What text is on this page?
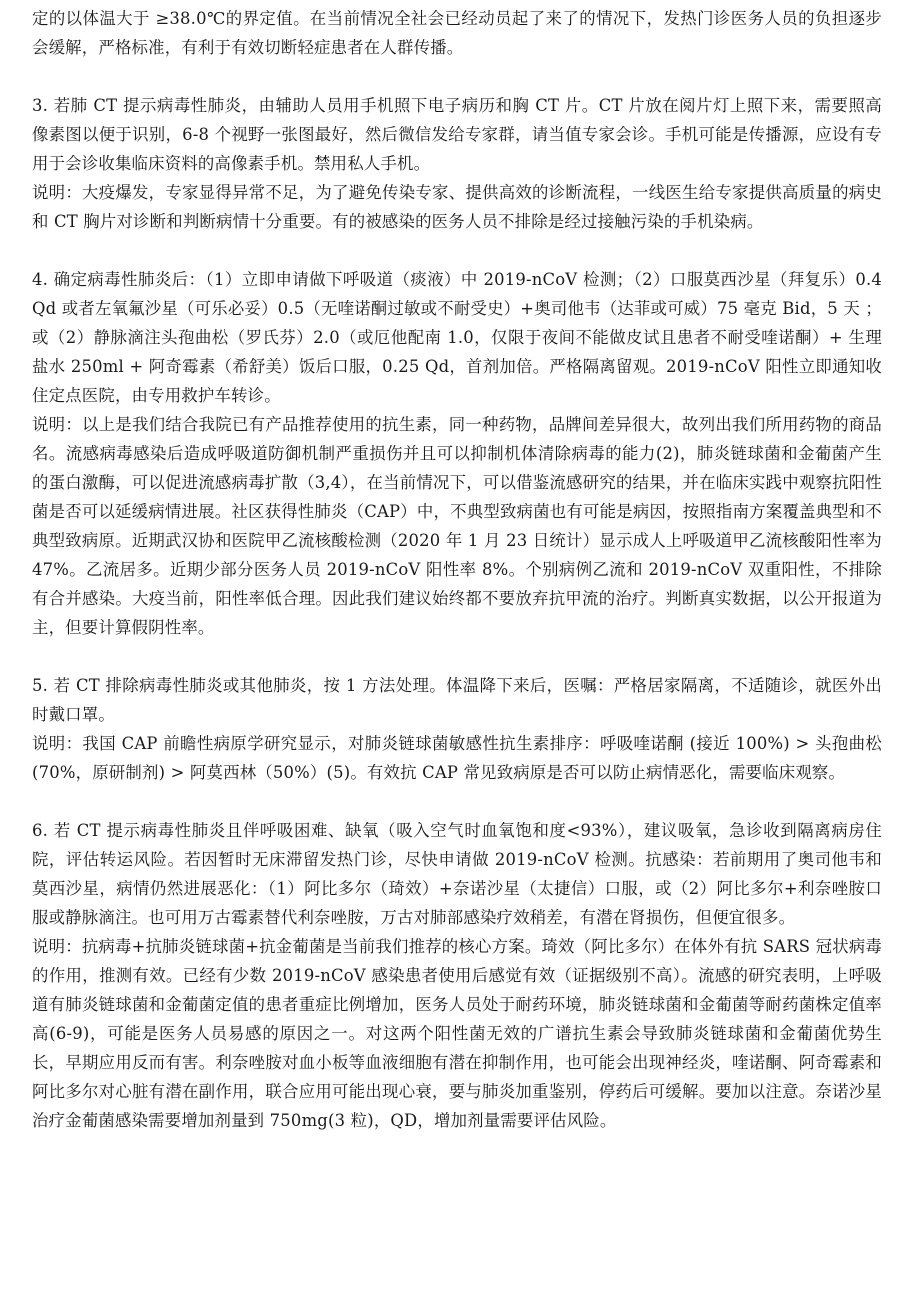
定的以体温大于 ≥38.0℃的界定值。在当前情况全社会已经动员起了来了的情况下，发热门诊医务人员的负担逐步会缓解，严格标准，有利于有效切断轻症患者在人群传播。

3. 若肺 CT 提示病毒性肺炎，由辅助人员用手机照下电子病历和胸 CT 片。CT 片放在阅片灯上照下来，需要照高像素图以便于识别，6-8 个视野一张图最好，然后微信发给专家群，请当值专家会诊。手机可能是传播源，应设有专用于会诊收集临床资料的高像素手机。禁用私人手机。

说明：大疫爆发，专家显得异常不足，为了避免传染专家、提供高效的诊断流程，一线医生给专家提供高质量的病史和 CT 胸片对诊断和判断病情十分重要。有的被感染的医务人员不排除是经过接触污染的手机染病。

4. 确定病毒性肺炎后：（1）立即申请做下呼吸道（痰液）中 2019-nCoV 检测；（2）口服莫西沙星（拜复乐）0.4 Qd 或者左氧氟沙星（可乐必妥）0.5（无喹诺酮过敏或不耐受史）+奥司他韦（达菲或可威）75 毫克 Bid，5 天 ；或（2）静脉滴注头孢曲松（罗氏芬）2.0（或厄他配南 1.0，仅限于夜间不能做皮试且患者不耐受喹诺酮）+ 生理盐水 250ml + 阿奇霉素（希舒美）饭后口服，0.25 Qd，首剂加倍。严格隔离留观。2019-nCoV 阳性立即通知收住定点医院，由专用救护车转诊。

说明：以上是我们结合我院已有产品推荐使用的抗生素，同一种药物，品牌间差异很大，故列出我们所用药物的商品名。流感病毒感染后造成呼吸道防御机制严重损伤并且可以抑制机体清除病毒的能力(2)，肺炎链球菌和金葡菌产生的蛋白激酶，可以促进流感病毒扩散（3,4），在当前情况下，可以借鉴流感研究的结果，并在临床实践中观察抗阳性菌是否可以延缓病情进展。社区获得性肺炎（CAP）中，不典型致病菌也有可能是病因，按照指南方案覆盖典型和不典型致病原。近期武汉协和医院甲乙流核酸检测（2020 年 1 月 23 日统计）显示成人上呼吸道甲乙流核酸阳性率为 47%。乙流居多。近期少部分医务人员 2019-nCoV 阳性率 8%。个别病例乙流和 2019-nCoV 双重阳性，不排除有合并感染。大疫当前，阳性率低合理。因此我们建议始终都不要放弃抗甲流的治疗。判断真实数据，以公开报道为主，但要计算假阴性率。

5. 若 CT 排除病毒性肺炎或其他肺炎，按 1 方法处理。体温降下来后，医嘱：严格居家隔离，不适随诊，就医外出时戴口罩。

说明：我国 CAP 前瞻性病原学研究显示，对肺炎链球菌敏感性抗生素排序：呼吸喹诺酮 (接近 100%) > 头孢曲松 (70%，原研制剂) > 阿莫西林（50%）(5)。有效抗 CAP 常见致病原是否可以防止病情恶化，需要临床观察。

6. 若 CT 提示病毒性肺炎且伴呼吸困难、缺氧（吸入空气时血氧饱和度<93%），建议吸氧，急诊收到隔离病房住院，评估转运风险。若因暂时无床滞留发热门诊，尽快申请做 2019-nCoV 检测。抗感染：若前期用了奥司他韦和莫西沙星，病情仍然进展恶化：（1）阿比多尔（琦效）+奈诺沙星（太捷信）口服，或（2）阿比多尔+利奈唑胺口服或静脉滴注。也可用万古霉素替代利奈唑胺，万古对肺部感染疗效稍差，有潜在肾损伤，但便宜很多。

说明：抗病毒+抗肺炎链球菌+抗金葡菌是当前我们推荐的核心方案。琦效（阿比多尔）在体外有抗 SARS 冠状病毒的作用，推测有效。已经有少数 2019-nCoV 感染患者使用后感觉有效（证据级别不高）。流感的研究表明，上呼吸道有肺炎链球菌和金葡菌定值的患者重症比例增加，医务人员处于耐药环境，肺炎链球菌和金葡菌等耐药菌株定值率高(6-9)，可能是医务人员易感的原因之一。对这两个阳性菌无效的广谱抗生素会导致肺炎链球菌和金葡菌优势生长，早期应用反而有害。利奈唑胺对血小板等血液细胞有潜在抑制作用，也可能会出现神经炎，喹诺酮、阿奇霉素和阿比多尔对心脏有潜在副作用，联合应用可能出现心衰，要与肺炎加重鉴别，停药后可缓解。要加以注意。奈诺沙星治疗金葡菌感染需要增加剂量到 750mg(3 粒)，QD，增加剂量需要评估风险。
